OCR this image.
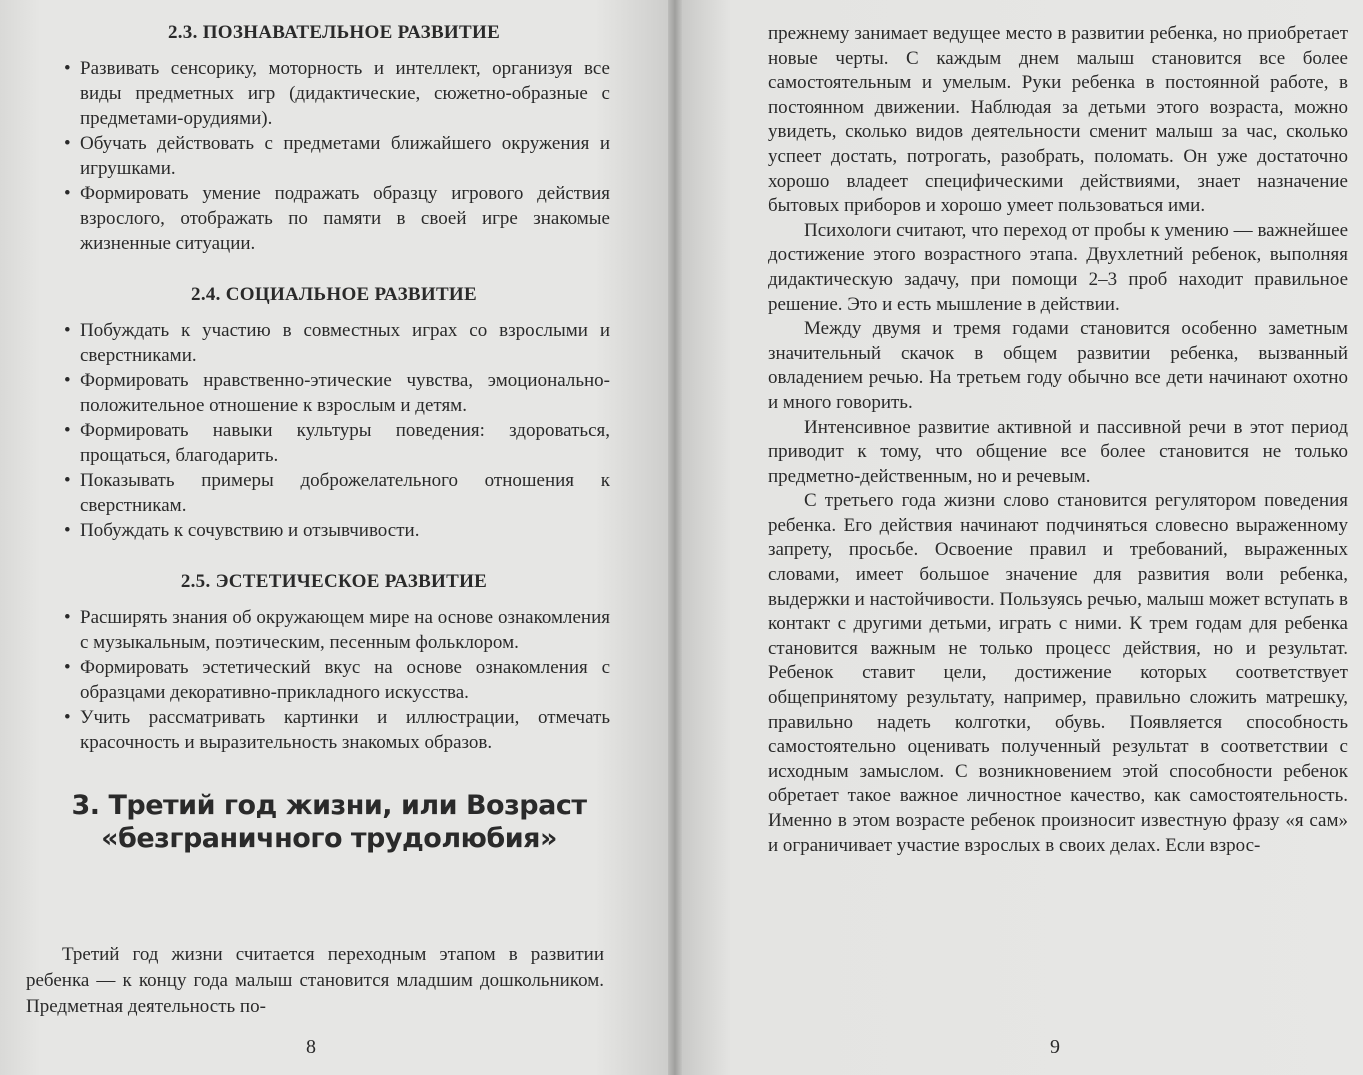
2.3. ПОЗНАВАТЕЛЬНОЕ РАЗВИТИЕ
• Развивать сенсорику, моторность и интеллект, организуя все виды предметных игр (дидактические, сюжетно-образные с предметами-орудиями).
• Обучать действовать с предметами ближайшего окружения и игрушками.
• Формировать умение подражать образцу игрового действия взрослого, отображать по памяти в своей игре знакомые жизненные ситуации.
2.4. СОЦИАЛЬНОЕ РАЗВИТИЕ
• Побуждать к участию в совместных играх со взрослыми и сверстниками.
• Формировать нравственно-этические чувства, эмоционально-положительное отношение к взрослым и детям.
• Формировать навыки культуры поведения: здороваться, прощаться, благодарить.
• Показывать примеры доброжелательного отношения к сверстникам.
• Побуждать к сочувствию и отзывчивости.
2.5. ЭСТЕТИЧЕСКОЕ РАЗВИТИЕ
• Расширять знания об окружающем мире на основе ознакомления с музыкальным, поэтическим, песенным фольклором.
• Формировать эстетический вкус на основе ознакомления с образцами декоративно-прикладного искусства.
• Учить рассматривать картинки и иллюстрации, отмечать красочность и выразительность знакомых образов.
3. Третий год жизни, или Возраст
«безграничного трудолюбия»

Третий год жизни считается переходным этапом в развитии ребенка — к концу года малыш становится младшим дошкольником. Предметная деятельность по-

8

прежнему занимает ведущее место в развитии ребенка, но приобретает новые черты. С каждым днем малыш становится все более самостоятельным и умелым. Руки ребенка в постоянной работе, в постоянном движении. Наблюдая за детьми этого возраста, можно увидеть, сколько видов деятельности сменит малыш за час, сколько успеет достать, потрогать, разобрать, поломать. Он уже достаточно хорошо владеет специфическими действиями, знает назначение бытовых приборов и хорошо умеет пользоваться ими.

Психологи считают, что переход от пробы к умению — важнейшее достижение этого возрастного этапа. Двухлетний ребенок, выполняя дидактическую задачу, при помощи 2–3 проб находит правильное решение. Это и есть мышление в действии.

Между двумя и тремя годами становится особенно заметным значительный скачок в общем развитии ребенка, вызванный овладением речью. На третьем году обычно все дети начинают охотно и много говорить.

Интенсивное развитие активной и пассивной речи в этот период приводит к тому, что общение все более становится не только предметно-действенным, но и речевым.

С третьего года жизни слово становится регулятором поведения ребенка. Его действия начинают подчиняться словесно выраженному запрету, просьбе. Освоение правил и требований, выраженных словами, имеет большое значение для развития воли ребенка, выдержки и настойчивости. Пользуясь речью, малыш может вступать в контакт с другими детьми, играть с ними. К трем годам для ребенка становится важным не только процесс действия, но и результат. Ребенок ставит цели, достижение которых соответствует общепринятому результату, например, правильно сложить матрешку, правильно надеть колготки, обувь. Появляется способность самостоятельно оценивать полученный результат в соответствии с исходным замыслом. С возникновением этой способности ребенок обретает такое важное личностное качество, как самостоятельность. Именно в этом возрасте ребенок произносит известную фразу «я сам» и ограничивает участие взрослых в своих делах. Если взрос-

9
